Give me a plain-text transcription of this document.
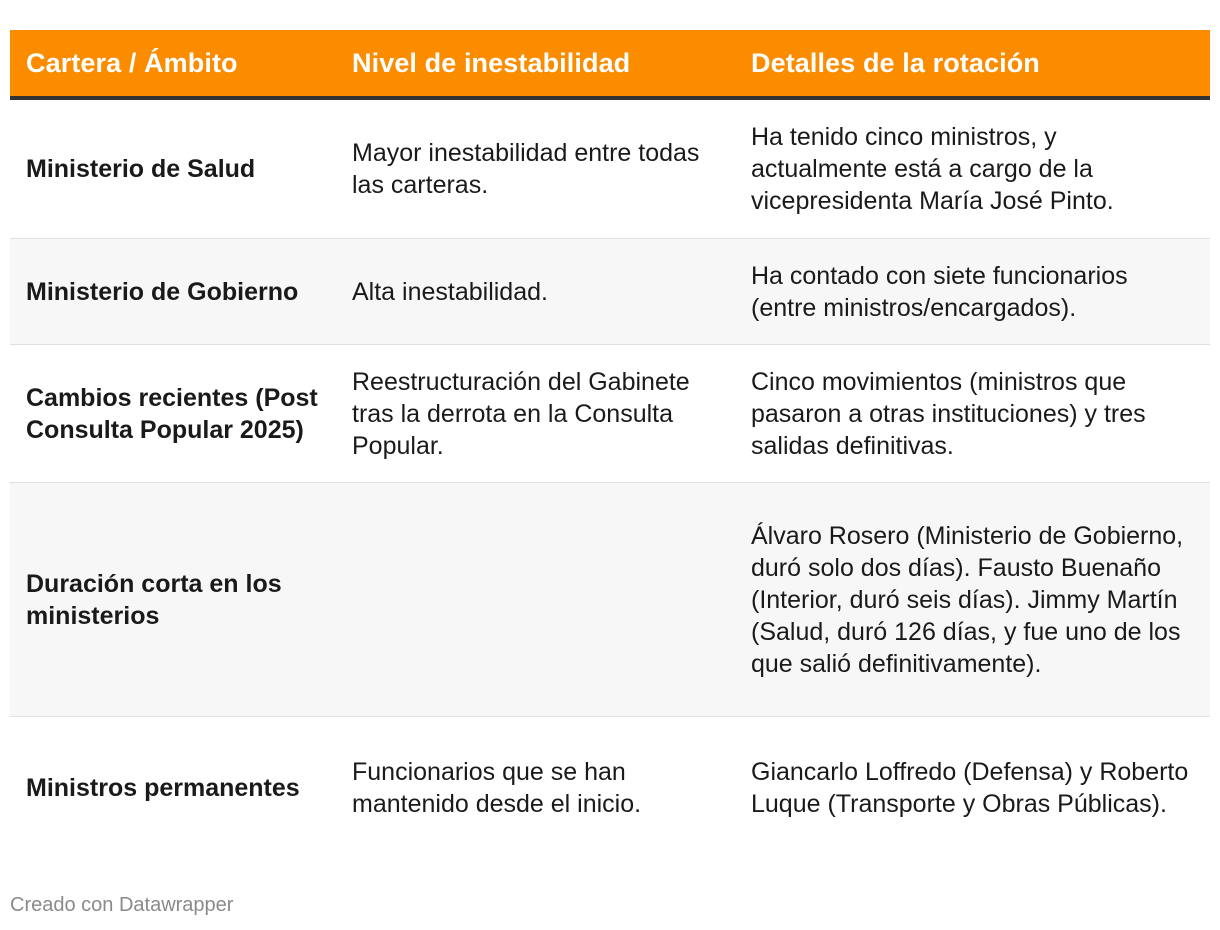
Cartera / Ámbito	Nivel de inestabilidad	Detalles de la rotación
Ministerio de Salud	Mayor inestabilidad entre todas las carteras.	Ha tenido cinco ministros, y actualmente está a cargo de la vicepresidenta María José Pinto.
Ministerio de Gobierno	Alta inestabilidad.	Ha contado con siete funcionarios (entre ministros/encargados).
Cambios recientes (Post Consulta Popular 2025)	Reestructuración del Gabinete tras la derrota en la Consulta Popular.	Cinco movimientos (ministros que pasaron a otras instituciones) y tres salidas definitivas.
Duración corta en los ministerios		Álvaro Rosero (Ministerio de Gobierno, duró solo dos días). Fausto Buenaño (Interior, duró seis días). Jimmy Martín (Salud, duró 126 días, y fue uno de los que salió definitivamente).
Ministros permanentes	Funcionarios que se han mantenido desde el inicio.	Giancarlo Loffredo (Defensa) y Roberto Luque (Transporte y Obras Públicas).
Creado con Datawrapper
